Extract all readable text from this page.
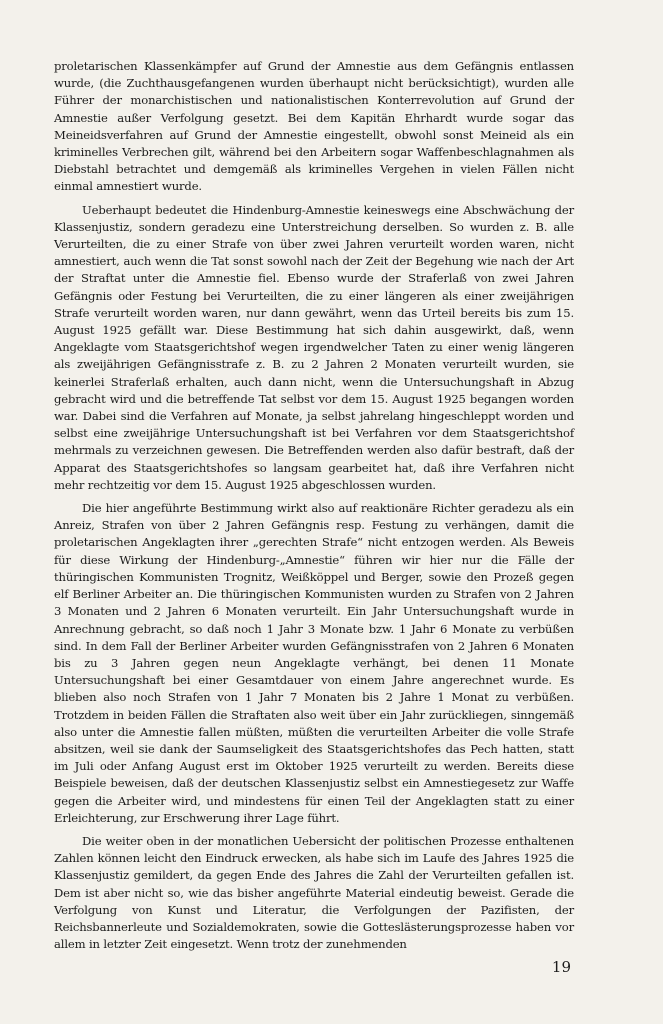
proletarischen Klassenkämpfer auf Grund der Amnestie aus dem Gefängnis entlassen wurde, (die Zuchthausgefangenen wurden überhaupt nicht berücksichtigt), wurden alle Führer der monarchistischen und nationalistischen Konterrevolution auf Grund der Amnestie außer Verfolgung gesetzt. Bei dem Kapitän Ehrhardt wurde sogar das Meineidsverfahren auf Grund der Amnestie eingestellt, obwohl sonst Meineid als ein kriminelles Verbrechen gilt, während bei den Arbeitern sogar Waffenbeschlagnahmen als Diebstahl betrachtet und demgemäß als kriminelles Vergehen in vielen Fällen nicht einmal amnestiert wurde.

Ueberhaupt bedeutet die Hindenburg-Amnestie keineswegs eine Abschwächung der Klassenjustiz, sondern geradezu eine Unterstreichung derselben. So wurden z. B. alle Verurteilten, die zu einer Strafe von über zwei Jahren verurteilt worden waren, nicht amnestiert, auch wenn die Tat sonst sowohl nach der Zeit der Begehung wie nach der Art der Straftat unter die Amnestie fiel. Ebenso wurde der Straferlaß von zwei Jahren Gefängnis oder Festung bei Verurteilten, die zu einer längeren als einer zweijährigen Strafe verurteilt worden waren, nur dann gewährt, wenn das Urteil bereits bis zum 15. August 1925 gefällt war. Diese Bestimmung hat sich dahin ausgewirkt, daß, wenn Angeklagte vom Staatsgerichtshof wegen irgendwelcher Taten zu einer wenig längeren als zweijährigen Gefängnisstrafe z. B. zu 2 Jahren 2 Monaten verurteilt wurden, sie keinerlei Straferlaß erhalten, auch dann nicht, wenn die Untersuchungshaft in Abzug gebracht wird und die betreffende Tat selbst vor dem 15. August 1925 begangen worden war. Dabei sind die Verfahren auf Monate, ja selbst jahrelang hingeschleppt worden und selbst eine zweijährige Untersuchungshaft ist bei Verfahren vor dem Staatsgerichtshof mehrmals zu verzeichnen gewesen. Die Betreffenden werden also dafür bestraft, daß der Apparat des Staatsgerichtshofes so langsam gearbeitet hat, daß ihre Verfahren nicht mehr rechtzeitig vor dem 15. August 1925 abgeschlossen wurden.

Die hier angeführte Bestimmung wirkt also auf reaktionäre Richter geradezu als ein Anreiz, Strafen von über 2 Jahren Gefängnis resp. Festung zu verhängen, damit die proletarischen Angeklagten ihrer „gerechten Strafe“ nicht entzogen werden. Als Beweis für diese Wirkung der Hindenburg-„Amnestie“ führen wir hier nur die Fälle der thüringischen Kommunisten Trognitz, Weißköppel und Berger, sowie den Prozeß gegen elf Berliner Arbeiter an. Die thüringischen Kommunisten wurden zu Strafen von 2 Jahren 3 Monaten und 2 Jahren 6 Monaten verurteilt. Ein Jahr Untersuchungshaft wurde in Anrechnung gebracht, so daß noch 1 Jahr 3 Monate bzw. 1 Jahr 6 Monate zu verbüßen sind. In dem Fall der Berliner Arbeiter wurden Gefängnisstrafen von 2 Jahren 6 Monaten bis zu 3 Jahren gegen neun Angeklagte verhängt, bei denen 11 Monate Untersuchungshaft bei einer Gesamtdauer von einem Jahre angerechnet wurde. Es blieben also noch Strafen von 1 Jahr 7 Monaten bis 2 Jahre 1 Monat zu verbüßen. Trotzdem in beiden Fällen die Straftaten also weit über ein Jahr zurückliegen, sinngemäß also unter die Amnestie fallen müßten, müßten die verurteilten Arbeiter die volle Strafe absitzen, weil sie dank der Saumseligkeit des Staatsgerichtshofes das Pech hatten, statt im Juli oder Anfang August erst im Oktober 1925 verurteilt zu werden. Bereits diese Beispiele beweisen, daß der deutschen Klassenjustiz selbst ein Amnestiegesetz zur Waffe gegen die Arbeiter wird, und mindestens für einen Teil der Angeklagten statt zu einer Erleichterung, zur Erschwerung ihrer Lage führt.

Die weiter oben in der monatlichen Uebersicht der politischen Prozesse enthaltenen Zahlen können leicht den Eindruck erwecken, als habe sich im Laufe des Jahres 1925 die Klassenjustiz gemildert, da gegen Ende des Jahres die Zahl der Verurteilten gefallen ist. Dem ist aber nicht so, wie das bisher angeführte Material eindeutig beweist. Gerade die Verfolgung von Kunst und Literatur, die Verfolgungen der Pazifisten, der Reichsbannerleute und Sozialdemokraten, sowie die Gotteslästerungsprozesse haben vor allem in letzter Zeit eingesetzt. Wenn trotz der zunehmenden

19
